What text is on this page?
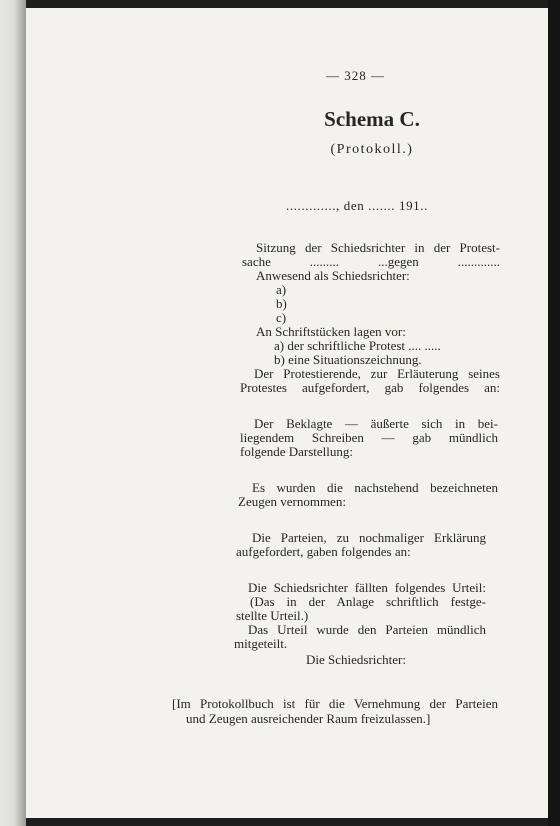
— 328 —
Schema C.
(Protokoll.)
............., den ....... 191..
Sitzung der Schiedsrichter in der Protest-
sache ......... ...gegen .............
Anwesend als Schiedsrichter:
a)
b)
c)
An Schriftstücken lagen vor:
a) der schriftliche Protest .... .....
b) eine Situationszeichnung.
Der Protestierende, zur Erläuterung seines
Protestes aufgefordert, gab folgendes an:
Der Beklagte — äußerte sich in bei-
liegendem Schreiben — gab mündlich
folgende Darstellung:
Es wurden die nachstehend bezeichneten
Zeugen vernommen:
Die Parteien, zu nochmaliger Erklärung
aufgefordert, gaben folgendes an:
Die Schiedsrichter fällten folgendes Urteil:
(Das in der Anlage schriftlich festge-
stellte Urteil.)
Das Urteil wurde den Parteien mündlich
mitgeteilt.
Die Schiedsrichter:
[Im Protokollbuch ist für die Vernehmung der Parteien
und Zeugen ausreichender Raum freizulassen.]
